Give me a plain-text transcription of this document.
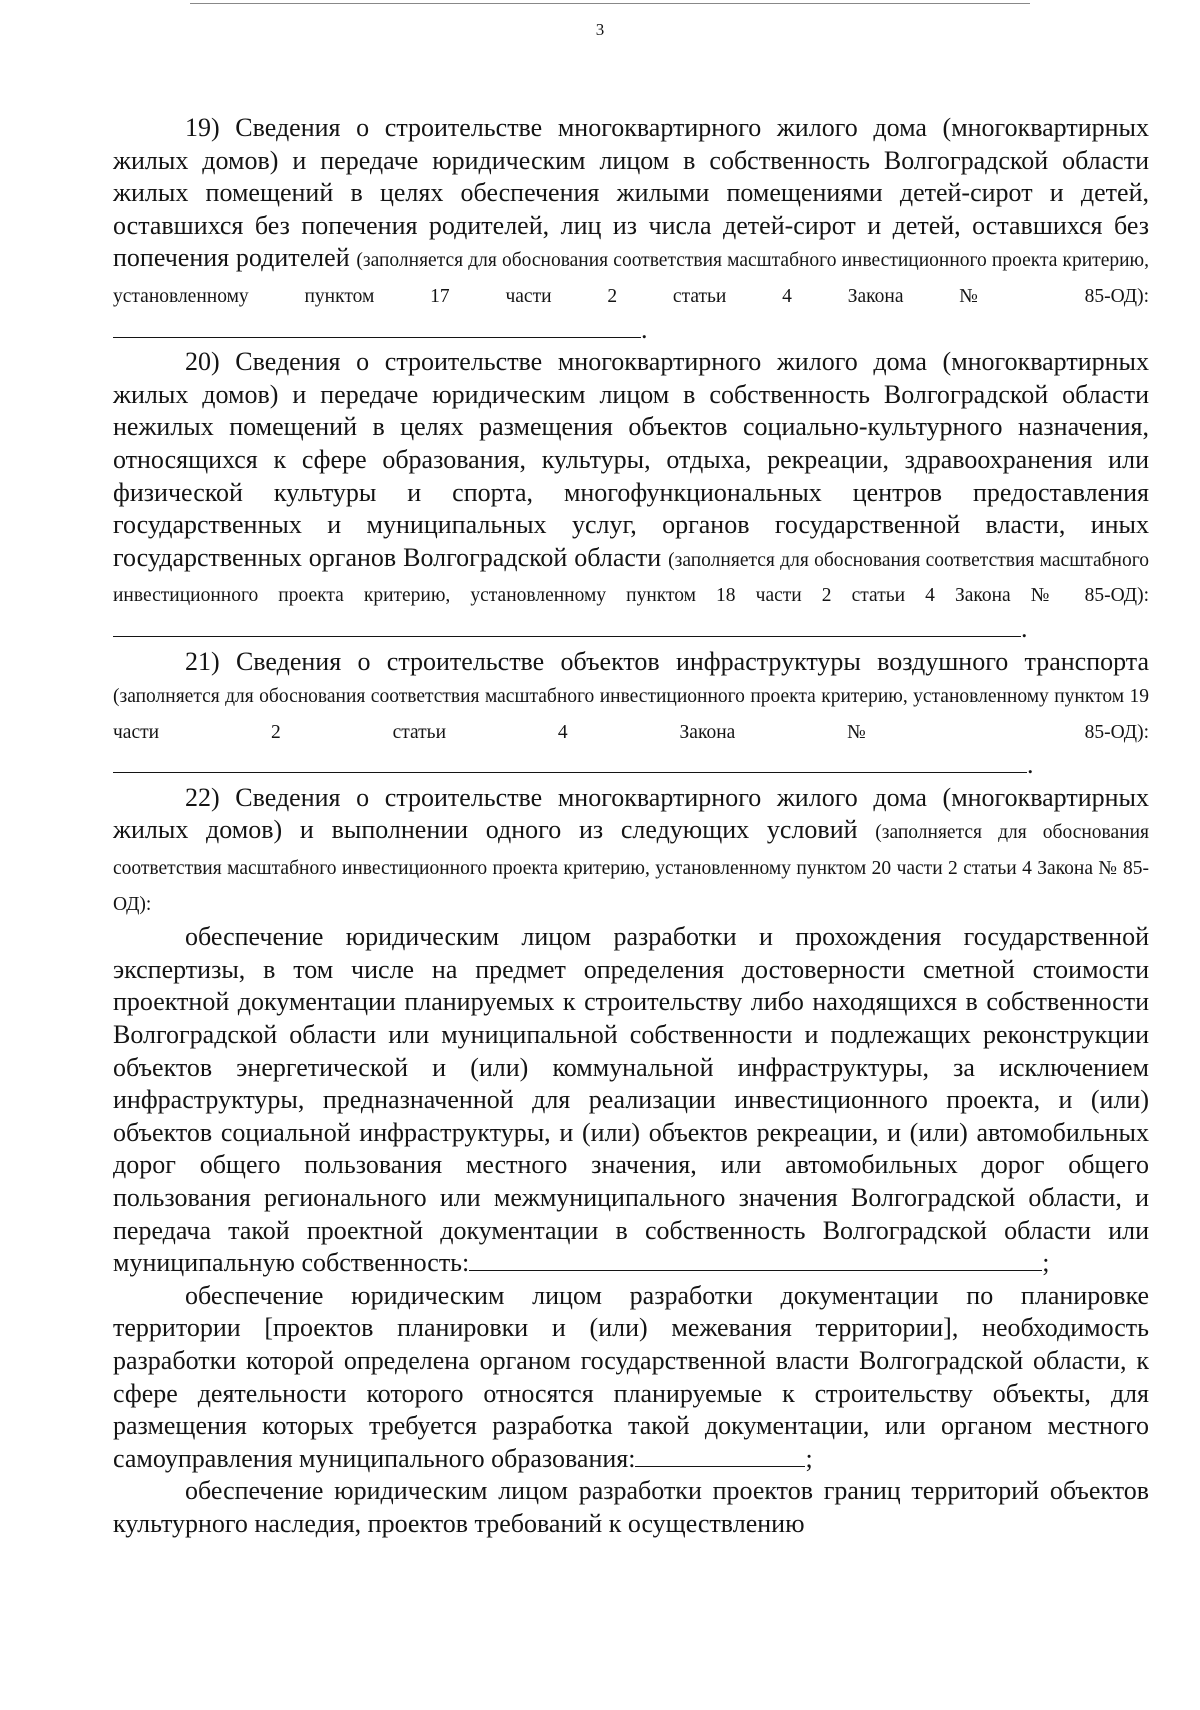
3

19) Сведения о строительстве многоквартирного жилого дома (многоквартирных жилых домов) и передаче юридическим лицом в собственность Волгоградской области жилых помещений в целях обеспечения жилыми помещениями детей-сирот и детей, оставшихся без попечения родителей, лиц из числа детей-сирот и детей, оставшихся без попечения родителей (заполняется для обоснования соответствия масштабного инвестиционного проекта критерию, установленному пунктом 17 части 2 статьи 4 Закона № 85-ОД):.

20) Сведения о строительстве многоквартирного жилого дома (многоквартирных жилых домов) и передаче юридическим лицом в собственность Волгоградской области нежилых помещений в целях размещения объектов социально-культурного назначения, относящихся к сфере образования, культуры, отдыха, рекреации, здравоохранения или физической культуры и спорта, многофункциональных центров предоставления государственных и муниципальных услуг, органов государственной власти, иных государственных органов Волгоградской области (заполняется для обоснования соответствия масштабного инвестиционного проекта критерию, установленному пунктом 18 части 2 статьи 4 Закона № 85-ОД): .

21) Сведения о строительстве объектов инфраструктуры воздушного транспорта (заполняется для обоснования соответствия масштабного инвестиционного проекта критерию, установленному пунктом 19 части 2 статьи 4 Закона № 85-ОД):.

22) Сведения о строительстве многоквартирного жилого дома (многоквартирных жилых домов) и выполнении одного из следующих условий (заполняется для обоснования соответствия масштабного инвестиционного проекта критерию, установленному пунктом 20 части 2 статьи 4 Закона № 85-ОД):

обеспечение юридическим лицом разработки и прохождения государственной экспертизы, в том числе на предмет определения достоверности сметной стоимости проектной документации планируемых к строительству либо находящихся в собственности Волгоградской области или муниципальной собственности и подлежащих реконструкции объектов энергетической и (или) коммунальной инфраструктуры, за исключением инфраструктуры, предназначенной для реализации инвестиционного проекта, и (или) объектов социальной инфраструктуры, и (или) объектов рекреации, и (или) автомобильных дорог общего пользования местного значения, или автомобильных дорог общего пользования регионального или межмуниципального значения Волгоградской области, и передача такой проектной документации в собственность Волгоградской области или муниципальную собственность:	;

обеспечение юридическим лицом разработки документации по планировке территории [проектов планировки и (или) межевания территории], необходимость разработки которой определена органом государственной власти Волгоградской области, к сфере деятельности которого относятся планируемые к строительству объекты, для размещения которых требуется разработка такой документации, или органом местного самоуправления муниципального образования:	;

обеспечение юридическим лицом разработки проектов границ территорий объектов культурного наследия, проектов требований к осуществлению
